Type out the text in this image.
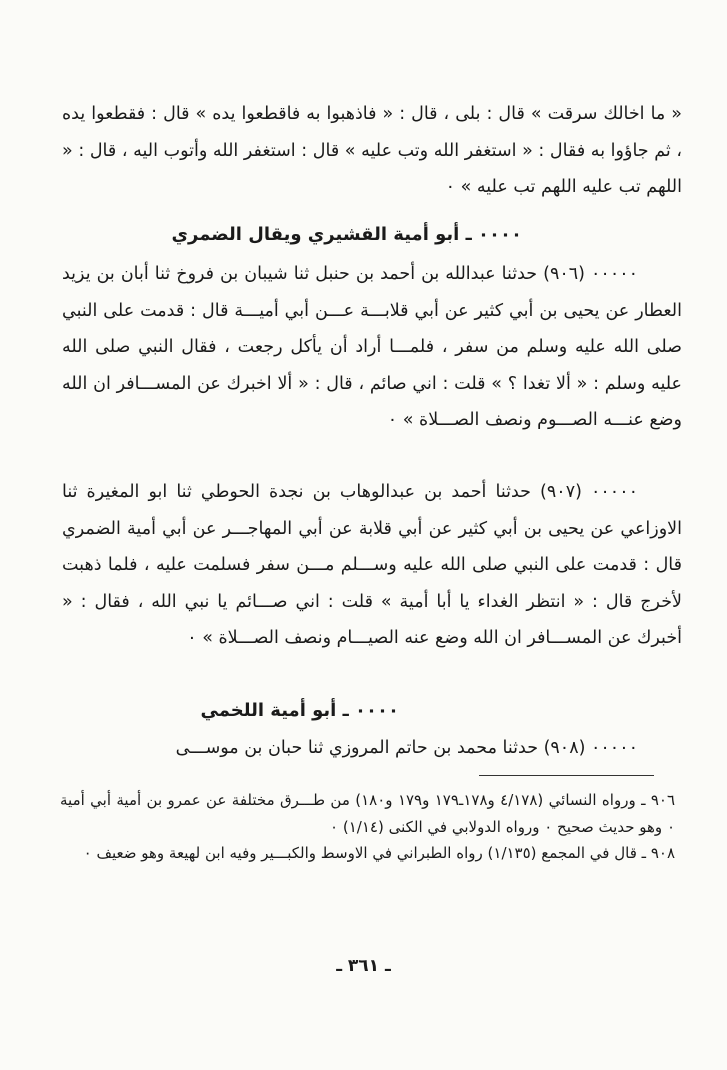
« ما اخالك سرقت » قال : بلى ، قال : « فاذهبوا به فاقطعوا يده » قال : فقطعوا يده ، ثم جاؤوا به فقال : « استغفر الله وتب عليه » قال : استغفر الله وأتوب اليه ، قال : « اللهم تب عليه اللهم تب عليه » ٠

٠٠٠٠ ـ أبو أمية القشيري ويقال الضمري

٠٠٠٠٠ (٩٠٦) حدثنا عبدالله بن أحمد بن حنبل ثنا شيبان بن فروخ ثنا أبان بن يزيد العطار عن يحيى بن أبي كثير عن أبي قلابـــة عـــن أبي أميـــة قال : قدمت على النبي صلى الله عليه وسلم من سفر ، فلمـــا أراد أن يأكل رجعت ، فقال النبي صلى الله عليه وسلم : « ألا تغدا ؟ » قلت : اني صائم ، قال : « ألا اخبرك عن المســـافر ان الله وضع عنـــه الصـــوم ونصف الصـــلاة » ٠

٠٠٠٠٠ (٩٠٧) حدثنا أحمد بن عبدالوهاب بن نجدة الحوطي ثنا ابو المغيرة ثنا الاوزاعي عن يحيى بن أبي كثير عن أبي قلابة عن أبي المهاجـــر عن أبي أمية الضمري قال : قدمت على النبي صلى الله عليه وســـلم مـــن سفر فسلمت عليه ، فلما ذهبت لأخرج قال : « انتظر الغداء يا أبا أمية » قلت : اني صـــائم يا نبي الله ، فقال : « أخبرك عن المســـافر ان الله وضع عنه الصيـــام ونصف الصـــلاة » ٠

٠٠٠٠ ـ أبو أمية اللخمي

٠٠٠٠٠ (٩٠٨) حدثنا محمد بن حاتم المروزي ثنا حبان بن موســـى

٩٠٦ ـ ورواه النسائي (٤/١٧٨ و١٧٨ـ١٧٩ و١٧٩ و١٨٠) من طـــرق مختلفة عن عمرو بن أمية أبي أمية ٠ وهو حديث صحيح ٠ ورواه الدولابي في الكنى (١/١٤) ٠

٩٠٨ ـ قال في المجمع (١/١٣٥) رواه الطبراني في الاوسط والكبـــير وفيه ابن لهيعة وهو ضعيف ٠

ـ ٣٦١ ـ
